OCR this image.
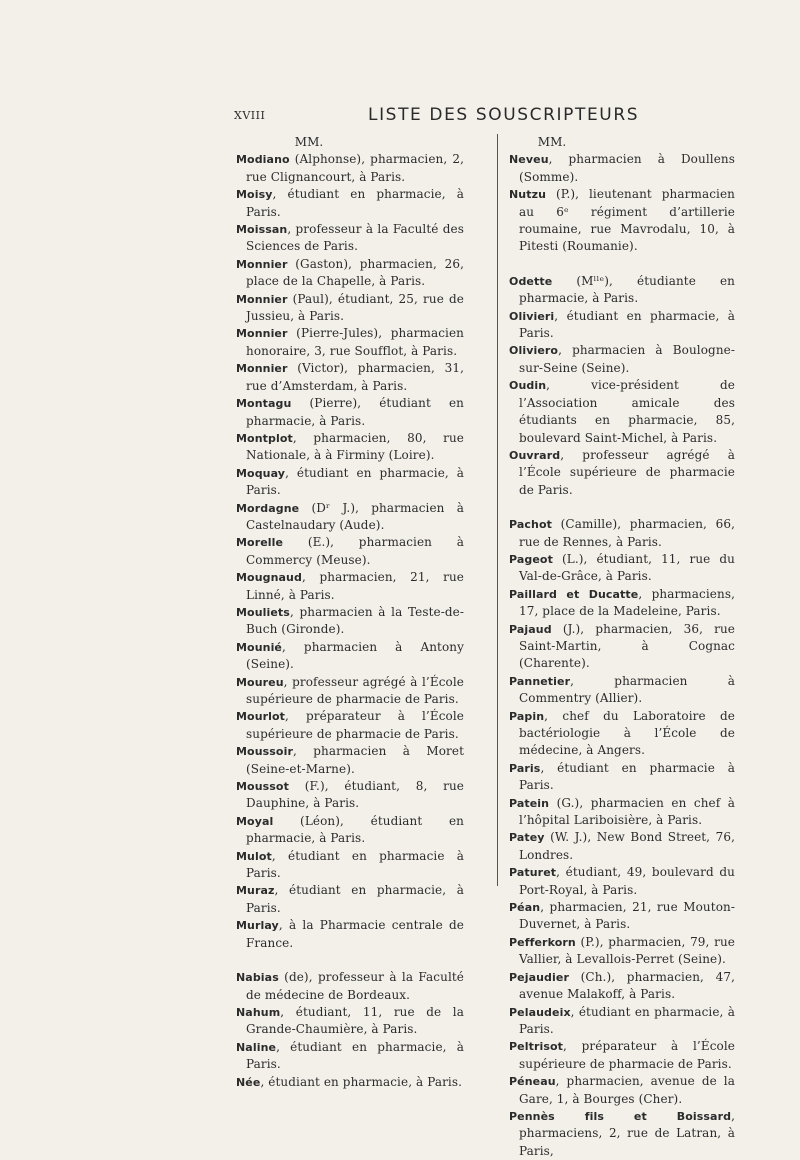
XVIII	LISTE DES SOUSCRIPTEURS
MM.
Modiano (Alphonse), pharmacien, 2, rue Clignancourt, à Paris.
Moisy, étudiant en pharmacie, à Paris.
Moissan, professeur à la Faculté des Sciences de Paris.
Monnier (Gaston), pharmacien, 26, place de la Chapelle, à Paris.
Monnier (Paul), étudiant, 25, rue de Jussieu, à Paris.
Monnier (Pierre-Jules), pharmacien honoraire, 3, rue Soufflot, à Paris.
Monnier (Victor), pharmacien, 31, rue d’Amsterdam, à Paris.
Montagu (Pierre), étudiant en pharmacie, à Paris.
Montplot, pharmacien, 80, rue Nationale, à à Firminy (Loire).
Moquay, étudiant en pharmacie, à Paris.
Mordagne (Dʳ J.), pharmacien à Castelnaudary (Aude).
Morelle (E.), pharmacien à Commercy (Meuse).
Mougnaud, pharmacien, 21, rue Linné, à Paris.
Mouliets, pharmacien à la Teste-de-Buch (Gironde).
Mounié, pharmacien à Antony (Seine).
Moureu, professeur agrégé à l’École supérieure de pharmacie de Paris.
Mourlot, préparateur à l’École supérieure de pharmacie de Paris.
Moussoir, pharmacien à Moret (Seine-et-Marne).
Moussot (F.), étudiant, 8, rue Dauphine, à Paris.
Moyal (Léon), étudiant en pharmacie, à Paris.
Mulot, étudiant en pharmacie à Paris.
Muraz, étudiant en pharmacie, à Paris.
Murlay, à la Pharmacie centrale de France.
Nabias (de), professeur à la Faculté de médecine de Bordeaux.
Nahum, étudiant, 11, rue de la Grande-Chaumière, à Paris.
Naline, étudiant en pharmacie, à Paris.
Née, étudiant en pharmacie, à Paris.
MM.
Neveu, pharmacien à Doullens (Somme).
Nutzu (P.), lieutenant pharmacien au 6ᵉ régiment d’artillerie roumaine, rue Mavrodalu, 10, à Pitesti (Roumanie).
Odette (Mˡˡᵉ), étudiante en pharmacie, à Paris.
Olivieri, étudiant en pharmacie, à Paris.
Oliviero, pharmacien à Boulogne-sur-Seine (Seine).
Oudin, vice-président de l’Association amicale des étudiants en pharmacie, 85, boulevard Saint-Michel, à Paris.
Ouvrard, professeur agrégé à l’École supérieure de pharmacie de Paris.
Pachot (Camille), pharmacien, 66, rue de Rennes, à Paris.
Pageot (L.), étudiant, 11, rue du Val-de-Grâce, à Paris.
Paillard et Ducatte, pharmaciens, 17, place de la Madeleine, Paris.
Pajaud (J.), pharmacien, 36, rue Saint-Martin, à Cognac (Charente).
Pannetier, pharmacien à Commentry (Allier).
Papin, chef du Laboratoire de bactériologie à l’École de médecine, à Angers.
Paris, étudiant en pharmacie à Paris.
Patein (G.), pharmacien en chef à l’hôpital Lariboisière, à Paris.
Patey (W. J.), New Bond Street, 76, Londres.
Paturet, étudiant, 49, boulevard du Port-Royal, à Paris.
Péan, pharmacien, 21, rue Mouton-Duvernet, à Paris.
Pefferkorn (P.), pharmacien, 79, rue Vallier, à Levallois-Perret (Seine).
Pejaudier (Ch.), pharmacien, 47, avenue Malakoff, à Paris.
Pelaudeix, étudiant en pharmacie, à Paris.
Peltrisot, préparateur à l’École supérieure de pharmacie de Paris.
Péneau, pharmacien, avenue de la Gare, 1, à Bourges (Cher).
Pennès fils et Boissard, pharmaciens, 2, rue de Latran, à Paris,
